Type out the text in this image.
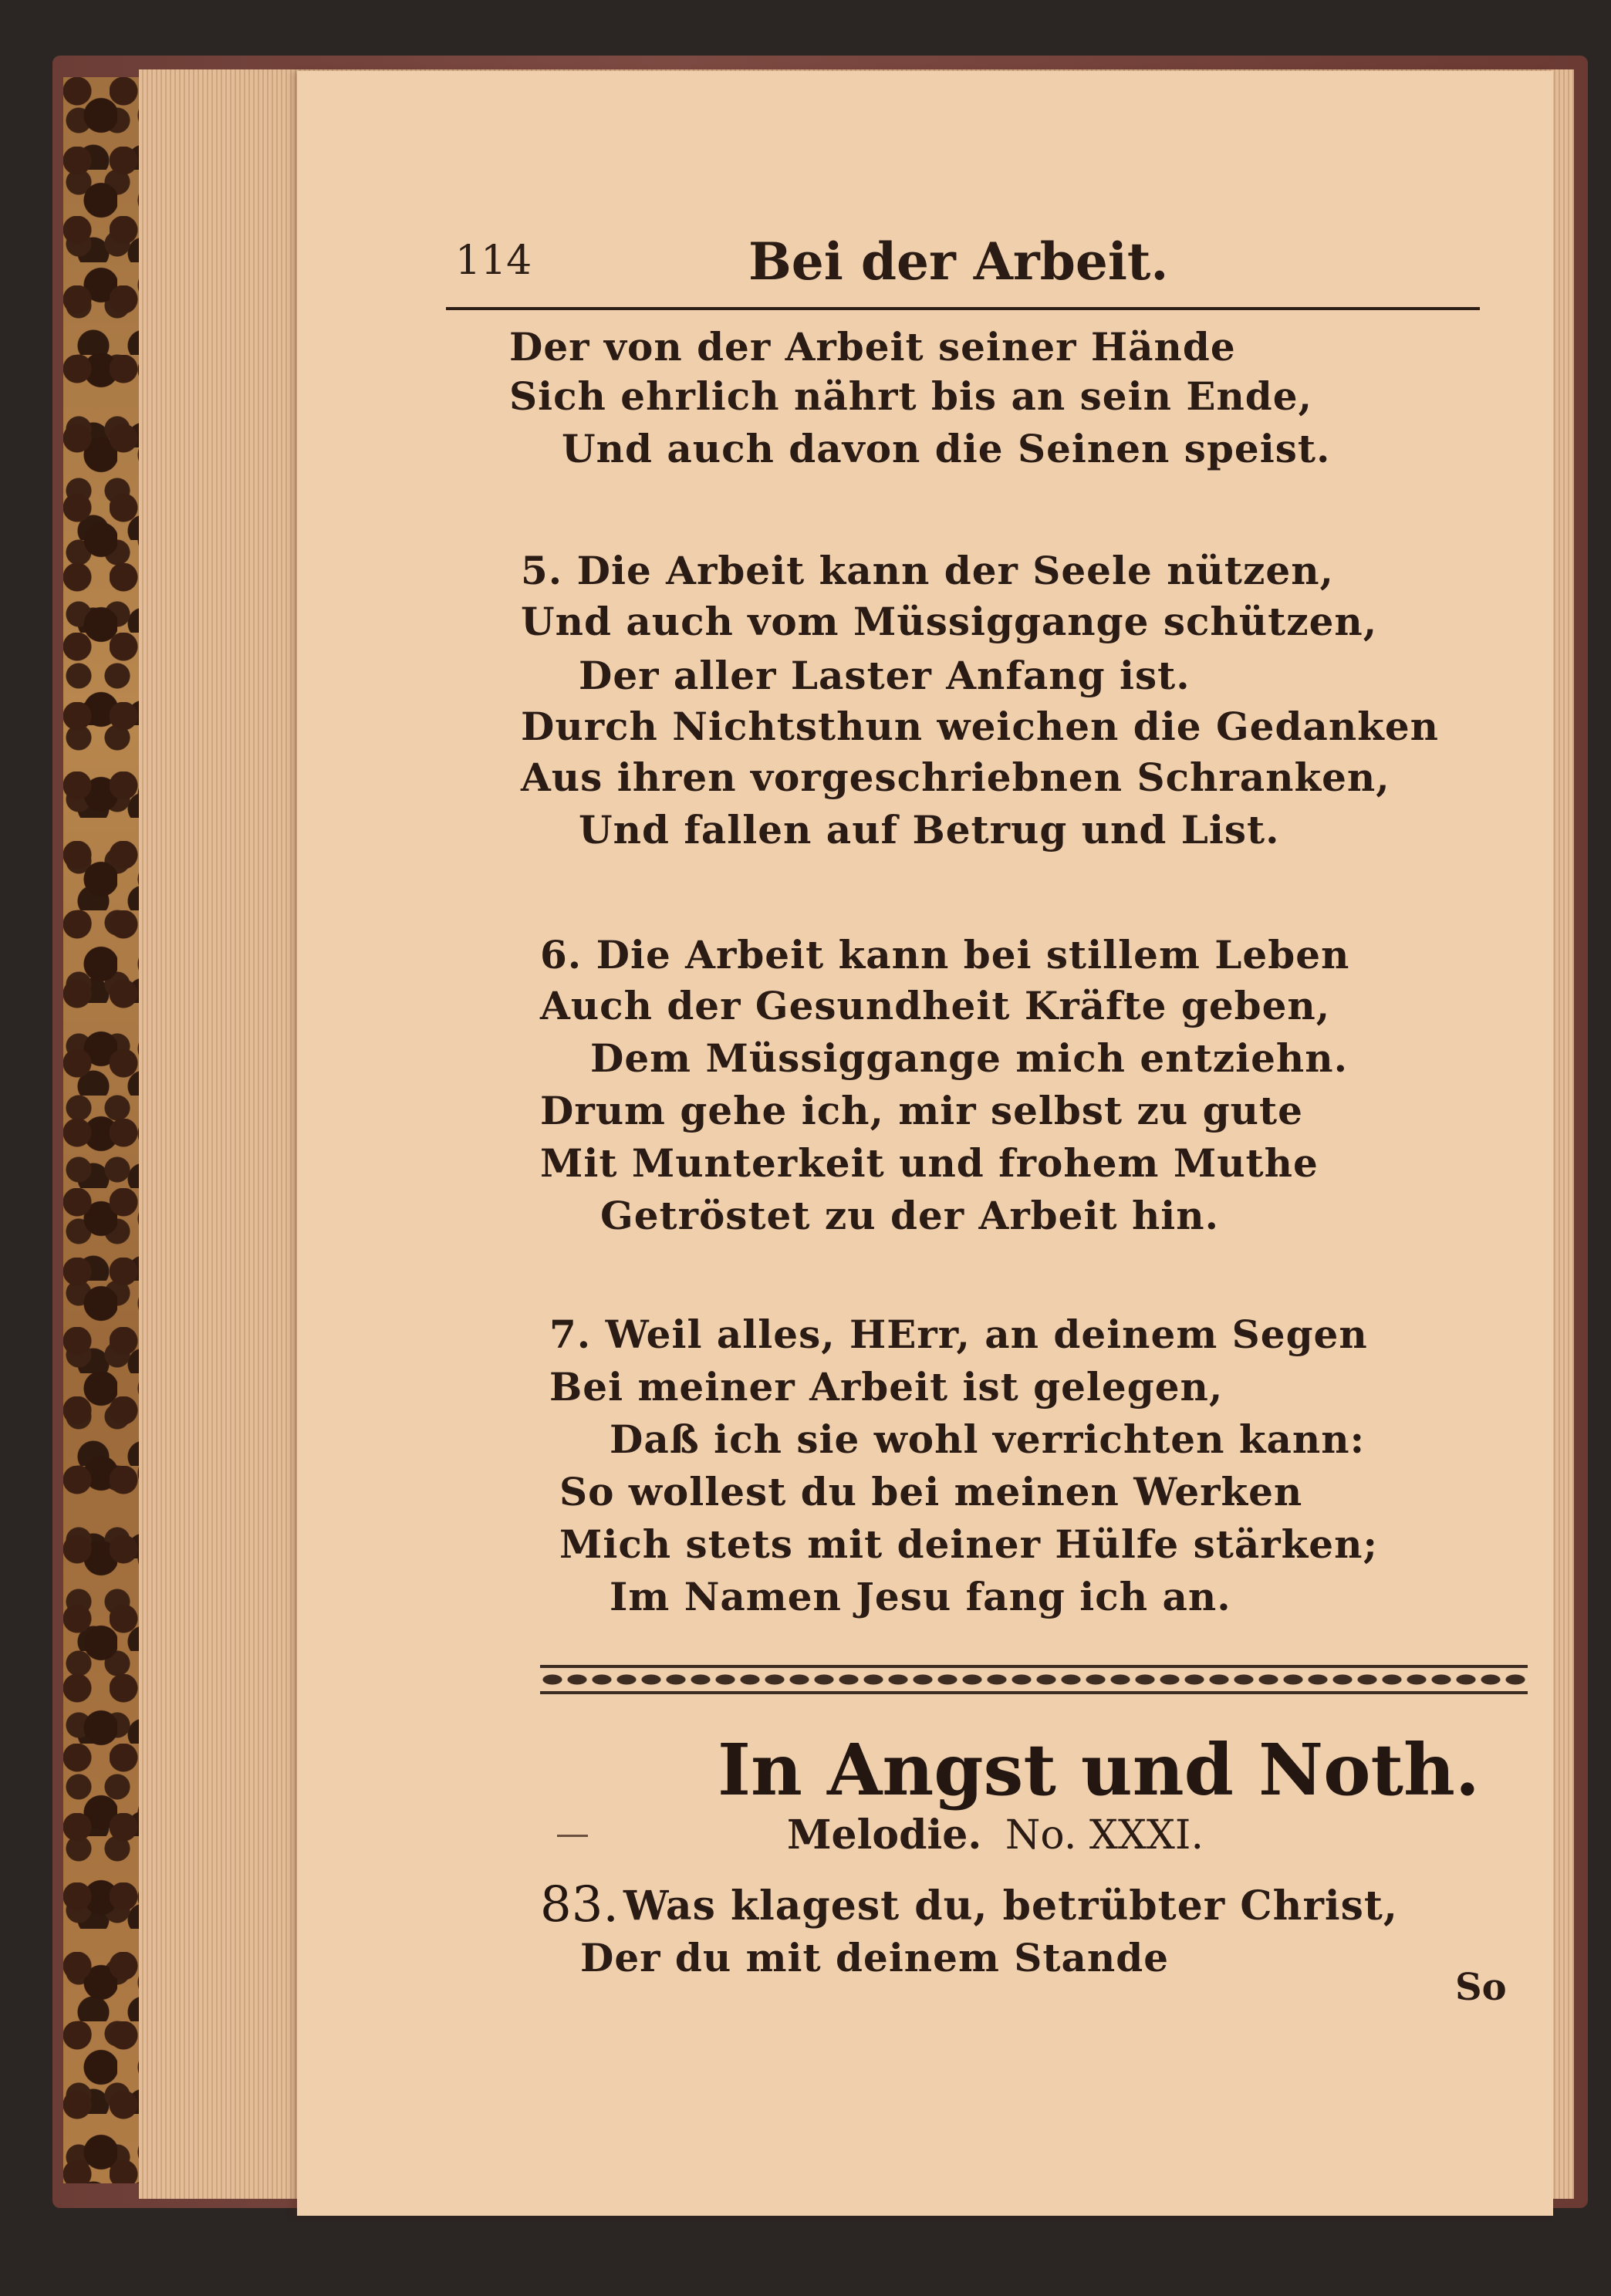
114	Bei der Arbeit.
Der von der Arbeit seiner Hände
Sich ehrlich nährt bis an sein Ende,
Und auch davon die Seinen speist.
5. Die Arbeit kann der Seele nützen,
Und auch vom Müssiggange schützen,
Der aller Laster Anfang ist.
Durch Nichtsthun weichen die Gedanken
Aus ihren vorgeschriebnen Schranken,
Und fallen auf Betrug und List.
6. Die Arbeit kann bei stillem Leben
Auch der Gesundheit Kräfte geben,
Dem Müssiggange mich entziehn.
Drum gehe ich, mir selbst zu gute
Mit Munterkeit und frohem Muthe
Getröstet zu der Arbeit hin.
7. Weil alles, HErr, an deinem Segen
Bei meiner Arbeit ist gelegen,
Daß ich sie wohl verrichten kann:
So wollest du bei meinen Werken
Mich stets mit deiner Hülfe stärken;
Im Namen Jesu fang ich an.
In Angst und Noth.
Melodie. No. XXXI.
83. Was klagest du, betrübter Christ,
Der du mit deinem Stande
So
